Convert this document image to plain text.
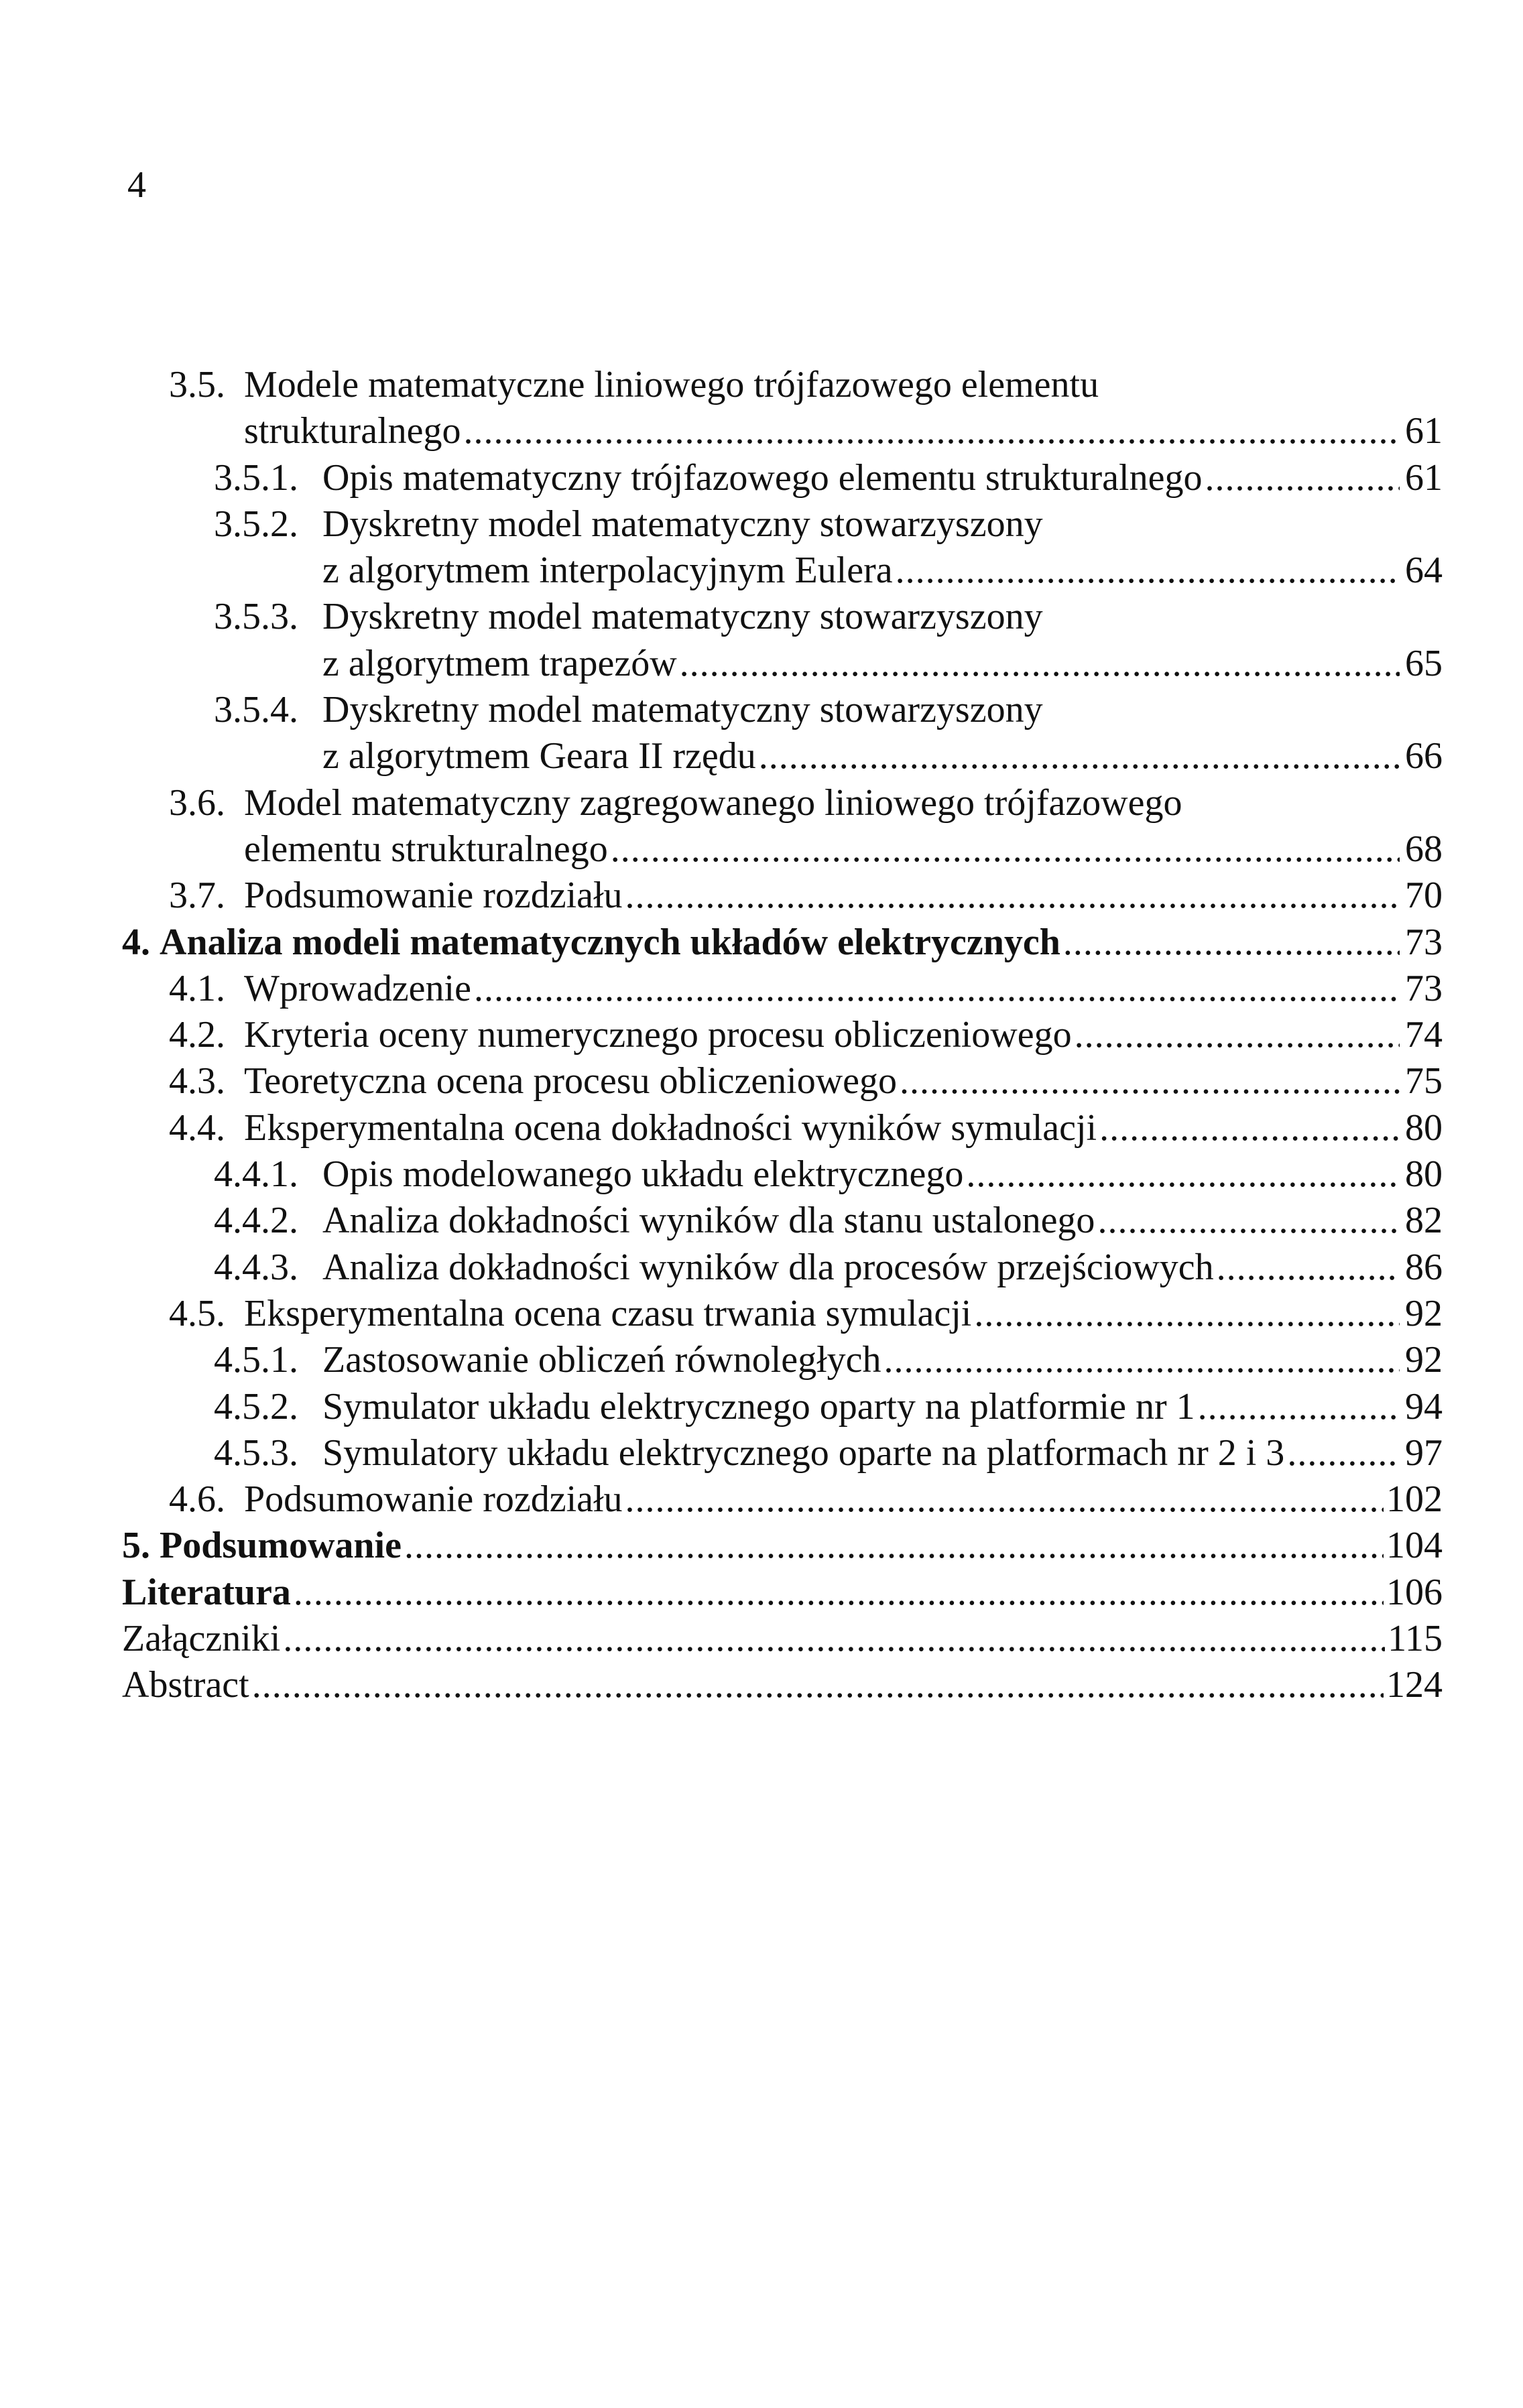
4
3.5. Modele matematyczne liniowego trójfazowego elementu
strukturalnego .....	61
3.5.1. Opis matematyczny trójfazowego elementu strukturalnego .....	61
3.5.2. Dyskretny model matematyczny stowarzyszony
z algorytmem interpolacyjnym Eulera .....	64
3.5.3. Dyskretny model matematyczny stowarzyszony
z algorytmem trapezów .....	65
3.5.4. Dyskretny model matematyczny stowarzyszony
z algorytmem Geara II rzędu .....	66
3.6. Model matematyczny zagregowanego liniowego trójfazowego
elementu strukturalnego .....	68
3.7. Podsumowanie rozdziału .....	70
4. Analiza modeli matematycznych układów elektrycznych .....	73
4.1. Wprowadzenie .....	73
4.2. Kryteria oceny numerycznego procesu obliczeniowego .....	74
4.3. Teoretyczna ocena procesu obliczeniowego .....	75
4.4. Eksperymentalna ocena dokładności wyników symulacji .....	80
4.4.1. Opis modelowanego układu elektrycznego .....	80
4.4.2. Analiza dokładności wyników dla stanu ustalonego .....	82
4.4.3. Analiza dokładności wyników dla procesów przejściowych .....	86
4.5. Eksperymentalna ocena czasu trwania symulacji .....	92
4.5.1. Zastosowanie obliczeń równoległych .....	92
4.5.2. Symulator układu elektrycznego oparty na platformie nr 1 .....	94
4.5.3. Symulatory układu elektrycznego oparte na platformach nr 2 i 3 .....	97
4.6. Podsumowanie rozdziału .....	102
5. Podsumowanie .....	104
Literatura .....	106
Załączniki .....	115
Abstract .....	124
